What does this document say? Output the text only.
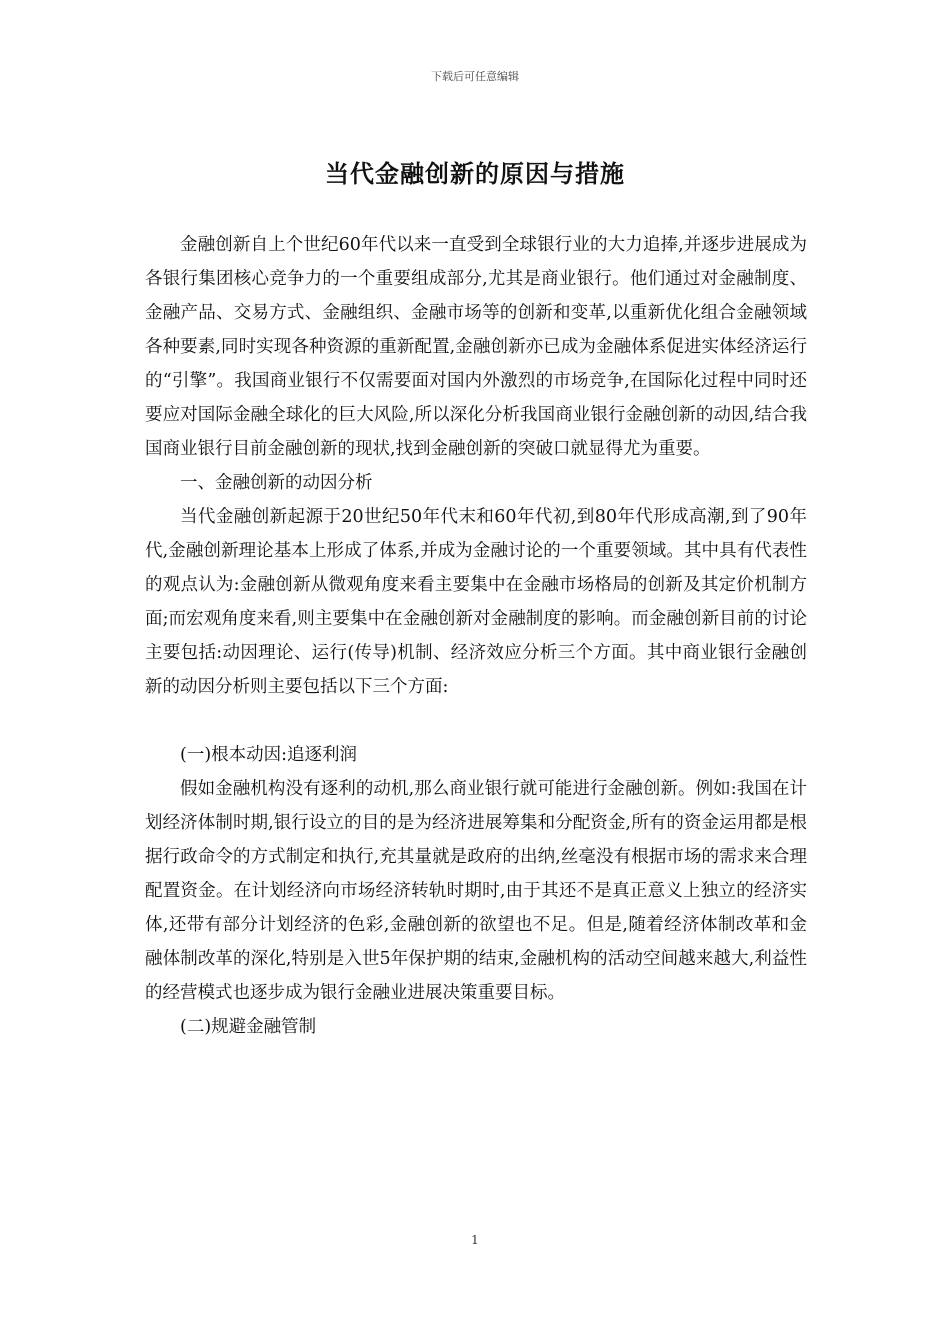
下载后可任意编辑
当代金融创新的原因与措施

金融创新自上个世纪60年代以来一直受到全球银行业的大力追捧,并逐步进展成为各银行集团核心竞争力的一个重要组成部分,尤其是商业银行。他们通过对金融制度、金融产品、交易方式、金融组织、金融市场等的创新和变革,以重新优化组合金融领域各种要素,同时实现各种资源的重新配置,金融创新亦已成为金融体系促进实体经济运行的“引擎”。我国商业银行不仅需要面对国内外激烈的市场竞争,在国际化过程中同时还要应对国际金融全球化的巨大风险,所以深化分析我国商业银行金融创新的动因,结合我国商业银行目前金融创新的现状,找到金融创新的突破口就显得尤为重要。

一、金融创新的动因分析

当代金融创新起源于20世纪50年代末和60年代初,到80年代形成高潮,到了90年代,金融创新理论基本上形成了体系,并成为金融讨论的一个重要领域。其中具有代表性的观点认为:金融创新从微观角度来看主要集中在金融市场格局的创新及其定价机制方面;而宏观角度来看,则主要集中在金融创新对金融制度的影响。而金融创新目前的讨论主要包括:动因理论、运行(传导)机制、经济效应分析三个方面。其中商业银行金融创新的动因分析则主要包括以下三个方面:

(一)根本动因:追逐利润

假如金融机构没有逐利的动机,那么商业银行就可能进行金融创新。例如:我国在计划经济体制时期,银行设立的目的是为经济进展筹集和分配资金,所有的资金运用都是根据行政命令的方式制定和执行,充其量就是政府的出纳,丝毫没有根据市场的需求来合理配置资金。在计划经济向市场经济转轨时期时,由于其还不是真正意义上独立的经济实体,还带有部分计划经济的色彩,金融创新的欲望也不足。但是,随着经济体制改革和金融体制改革的深化,特别是入世5年保护期的结束,金融机构的活动空间越来越大,利益性的经营模式也逐步成为银行金融业进展决策重要目标。

(二)规避金融管制

1
